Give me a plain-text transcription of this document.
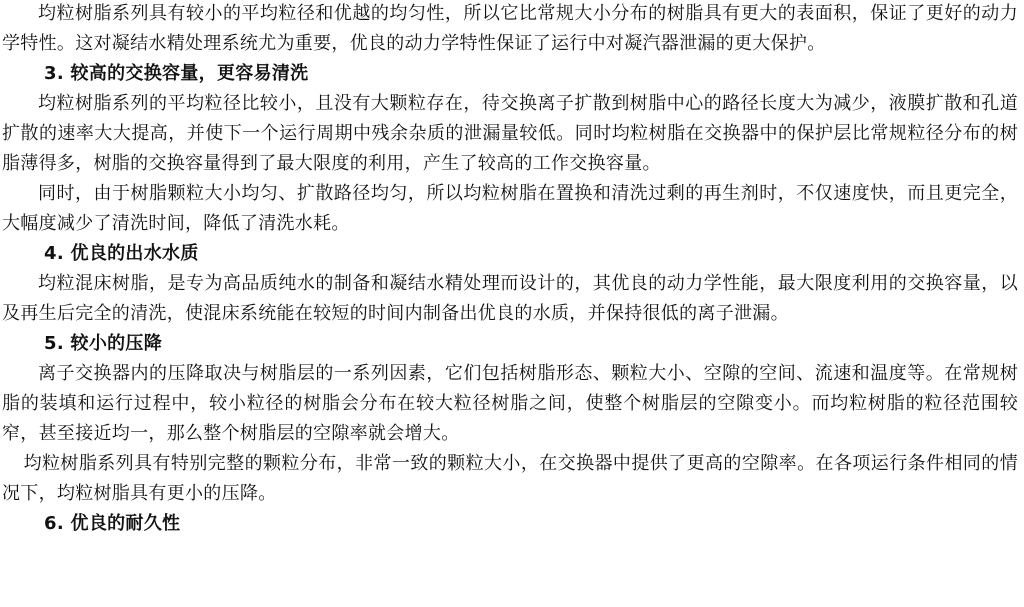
均粒树脂系列具有较小的平均粒径和优越的均匀性，所以它比常规大小分布的树脂具有更大的表面积，保证了更好的动力学特性。这对凝结水精处理系统尤为重要，优良的动力学特性保证了运行中对凝汽器泄漏的更大保护。

3. 较高的交换容量，更容易清洗

均粒树脂系列的平均粒径比较小，且没有大颗粒存在，待交换离子扩散到树脂中心的路径长度大为减少，液膜扩散和孔道扩散的速率大大提高，并使下一个运行周期中残余杂质的泄漏量较低。同时均粒树脂在交换器中的保护层比常规粒径分布的树脂薄得多，树脂的交换容量得到了最大限度的利用，产生了较高的工作交换容量。

同时，由于树脂颗粒大小均匀、扩散路径均匀，所以均粒树脂在置换和清洗过剩的再生剂时，不仅速度快，而且更完全，大幅度减少了清洗时间，降低了清洗水耗。

4. 优良的出水水质

均粒混床树脂，是专为高品质纯水的制备和凝结水精处理而设计的，其优良的动力学性能，最大限度利用的交换容量，以及再生后完全的清洗，使混床系统能在较短的时间内制备出优良的水质，并保持很低的离子泄漏。

5. 较小的压降

离子交换器内的压降取决与树脂层的一系列因素，它们包括树脂形态、颗粒大小、空隙的空间、流速和温度等。在常规树脂的装填和运行过程中，较小粒径的树脂会分布在较大粒径树脂之间，使整个树脂层的空隙变小。而均粒树脂的粒径范围较窄，甚至接近均一，那么整个树脂层的空隙率就会增大。

均粒树脂系列具有特别完整的颗粒分布，非常一致的颗粒大小，在交换器中提供了更高的空隙率。在各项运行条件相同的情况下，均粒树脂具有更小的压降。

6. 优良的耐久性
